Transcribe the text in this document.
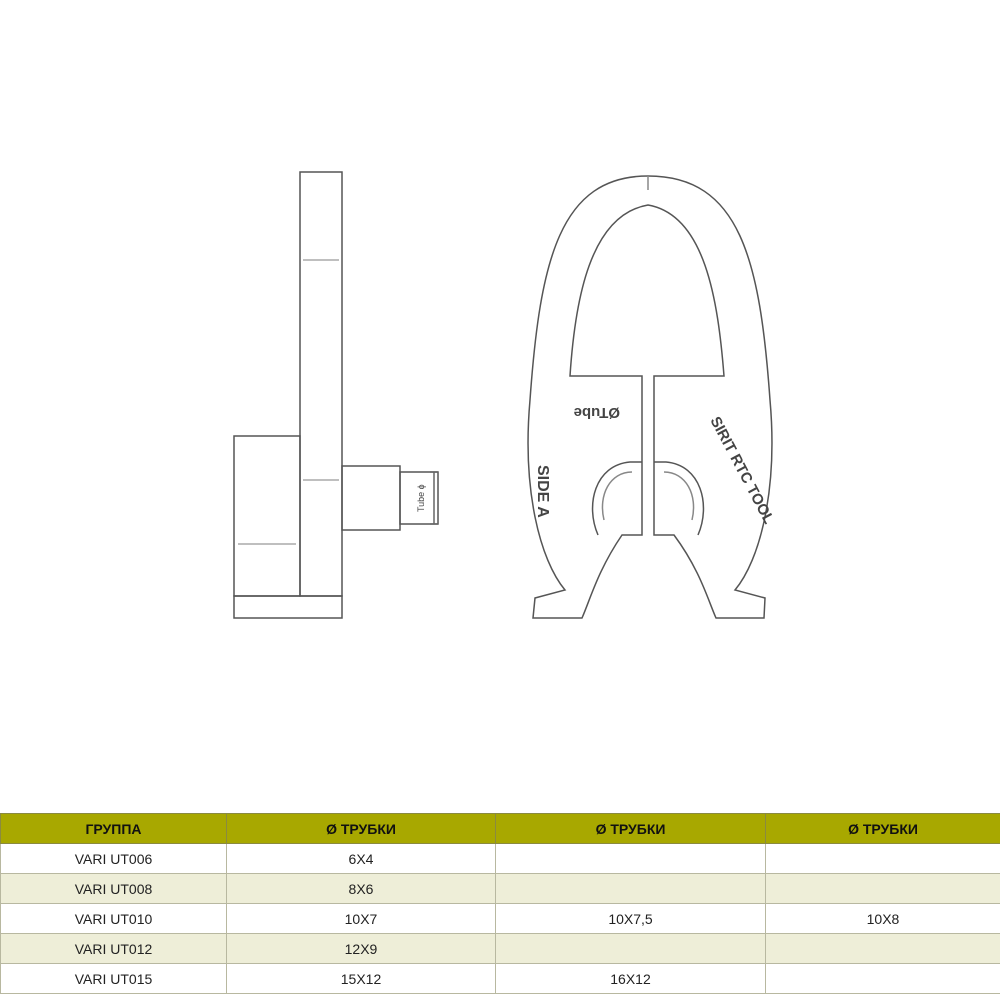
SIDE A
ØTube
SIRIT RTC TOOL
Tube ϕ
ГРУППА	Ø ТРУБКИ	Ø ТРУБКИ	Ø ТРУБКИ
VARI UT006	6X4		
VARI UT008	8X6		
VARI UT010	10X7	10X7,5	10X8
VARI UT012	12X9		
VARI UT015	15X12	16X12	
